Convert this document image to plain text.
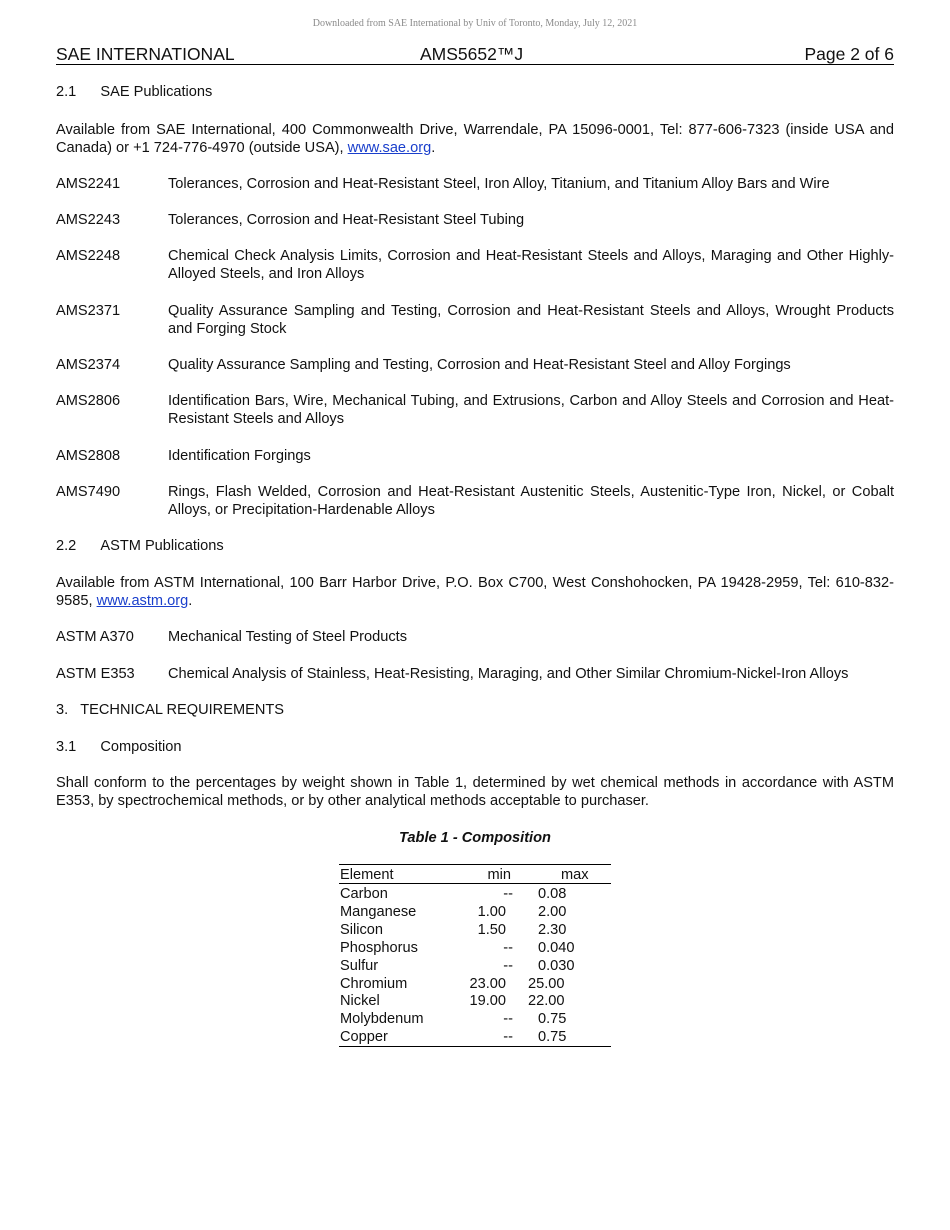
Downloaded from SAE International by Univ of Toronto, Monday, July 12, 2021
SAE INTERNATIONAL	AMS5652™J	Page 2 of 6
2.1 SAE Publications
Available from SAE International, 400 Commonwealth Drive, Warrendale, PA 15096-0001, Tel: 877-606-7323 (inside USA and Canada) or +1 724-776-4970 (outside USA), www.sae.org.
AMS2241	Tolerances, Corrosion and Heat-Resistant Steel, Iron Alloy, Titanium, and Titanium Alloy Bars and Wire
AMS2243	Tolerances, Corrosion and Heat-Resistant Steel Tubing
AMS2248	Chemical Check Analysis Limits, Corrosion and Heat-Resistant Steels and Alloys, Maraging and Other Highly-Alloyed Steels, and Iron Alloys
AMS2371	Quality Assurance Sampling and Testing, Corrosion and Heat-Resistant Steels and Alloys, Wrought Products and Forging Stock
AMS2374	Quality Assurance Sampling and Testing, Corrosion and Heat-Resistant Steel and Alloy Forgings
AMS2806	Identification Bars, Wire, Mechanical Tubing, and Extrusions, Carbon and Alloy Steels and Corrosion and Heat-Resistant Steels and Alloys
AMS2808	Identification Forgings
AMS7490	Rings, Flash Welded, Corrosion and Heat-Resistant Austenitic Steels, Austenitic-Type Iron, Nickel, or Cobalt Alloys, or Precipitation-Hardenable Alloys
2.2 ASTM Publications
Available from ASTM International, 100 Barr Harbor Drive, P.O. Box C700, West Conshohocken, PA 19428-2959, Tel: 610-832-9585, www.astm.org.
ASTM A370 Mechanical Testing of Steel Products
ASTM E353 Chemical Analysis of Stainless, Heat-Resisting, Maraging, and Other Similar Chromium-Nickel-Iron Alloys
3. TECHNICAL REQUIREMENTS
3.1 Composition
Shall conform to the percentages by weight shown in Table 1, determined by wet chemical methods in accordance with ASTM E353, by spectrochemical methods, or by other analytical methods acceptable to purchaser.
Table 1 - Composition
Element	min	max
Carbon	-- 0.08
Manganese	1.00 2.00
Silicon	1.50 2.30
Phosphorus	-- 0.040
Sulfur	-- 0.030
Chromium	23.00 25.00
Nickel	19.00 22.00
Molybdenum	-- 0.75
Copper	-- 0.75
